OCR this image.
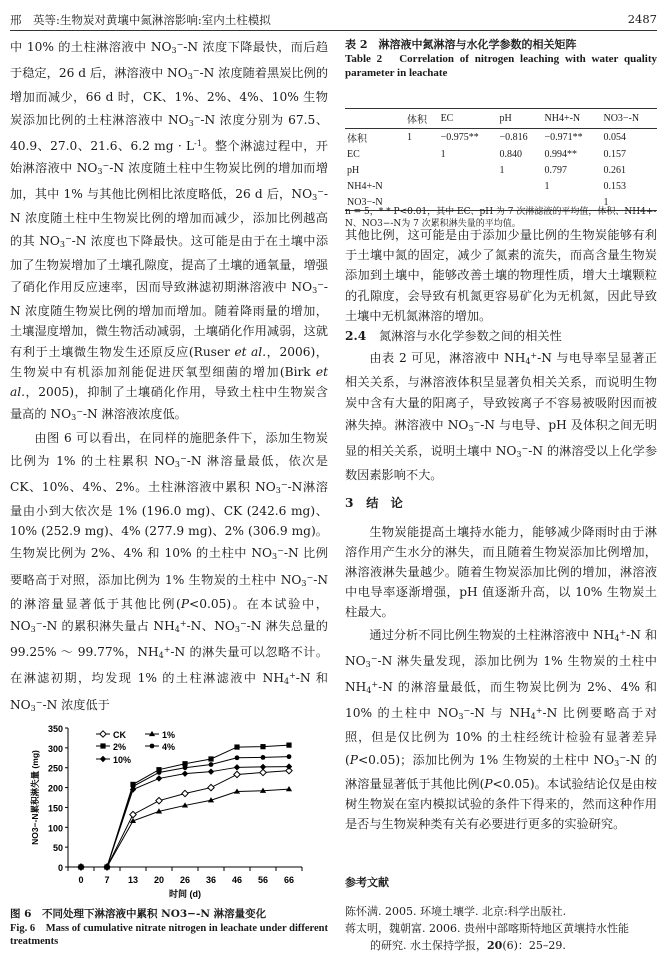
邢　英等:生物炭对黄壤中氮淋溶影响:室内土柱模拟	2487

中 10% 的土柱淋溶液中 $NO_3^--N$ 浓度下降最快，而后趋于稳定，26 d 后，淋溶液中 $NO_3^--N$ 浓度随着黑炭比例的增加而减少，66 d 时，CK、1%、2%、4%、10% 生物炭添加比例的土柱淋溶液中 $NO_3^--N$ 浓度分别为 67.5、40.9、27.0、21.6、6.2 mg · $L^{-1}$。整个淋滤过程中，开始淋溶液中 $NO_3^--N$ 浓度随土柱中生物炭比例的增加而增加，其中 1% 与其他比例相比浓度略低，26 d 后，$NO_3^--N$ 浓度随土柱中生物炭比例的增加而减少，添加比例越高的其 $NO_3^--N$ 浓度也下降最快。这可能是由于在土壤中添加了生物炭增加了土壤孔隙度，提高了土壤的通氧量，增强了硝化作用反应速率，因而导致淋滤初期淋溶液中 $NO_3^--N$ 浓度随生物炭比例的增加而增加。随着降雨量的增加，土壤湿度增加，微生物活动减弱，土壤硝化作用减弱，这就有利于土壤微生物发生还原反应(Ruser et al.，2006)，生物炭中有机添加剂能促进厌氧型细菌的增加(Birk et al.，2005)，抑制了土壤硝化作用，导致土柱中生物炭含量高的 $NO_3^--N$ 淋溶液浓度低。

由图 6 可以看出，在同样的施肥条件下，添加生物炭比例为 1% 的土柱累积 $NO_3^--N$ 淋溶量最低，依次是 CK、10%、4%、2%。土柱淋溶液中累积 $NO_3^--N$淋溶量由小到大依次是 1% (196.0 mg)、CK (242.6 mg)、10% (252.9 mg)、4% (277.9 mg)、2% (306.9 mg)。生物炭比例为 2%、4% 和 10% 的土柱中 $NO_3^--N$ 比例要略高于对照，添加比例为 1% 生物炭的土柱中 $NO_3^--N$ 的淋溶量显著低于其他比例(P<0.05)。在本试验中，$NO_3^--N$ 的累积淋失量占 $NH_4^+-N$、$NO_3^--N$ 淋失总量的 99.25% ～ 99.77%，$NH_4^+-N$ 的淋失量可以忽略不计。在淋滤初期，均发现 1% 的土柱淋滤液中 $NH_4^+-N$ 和 $NO_3^--N$ 浓度低于

0
50
100
150
200
250
300
350
0 7 13 20 26 36 46 56 66
时间 (d)
NO3−-N累积淋失量 (mg)
CK	1%
2%	4%
10%
图 6　不同处理下淋溶液中累积 NO3−-N 淋溶量变化
Fig. 6　Mass of cumulative nitrate nitrogen in leachate under different treatments
表 2　淋溶液中氮淋溶与水化学参数的相关矩阵
Table 2　Correlation of nitrogen leaching with water quality parameter in leachate
	体积	EC	pH	NH4+-N	NO3−-N
体积	1	−0.975**	−0.816	−0.971**	0.054
EC		1	0.840	0.994**	0.157
pH			1	0.797	0.261
NH4+-N				1	0.153
NO3−-N					1
n = 5，* * P<0.01，其中 EC、pH 为 7 次淋滤液的平均值，体积、NH4+-N、NO3−-N为 7 次累积淋失量的平均值。

其他比例，这可能是由于添加少量比例的生物炭能够有利于土壤中氮的固定，减少了氮素的流失，而高含量生物炭添加到土壤中，能够改善土壤的物理性质，增大土壤颗粒的孔隙度，会导致有机氮更容易矿化为无机氮，因此导致土壤中无机氮淋溶的增加。

2.4 氮淋溶与水化学参数之间的相关性

由表 2 可见，淋溶液中 $NH_4^+-N$ 与电导率呈显著正相关关系，与淋溶液体积呈显著负相关关系，而说明生物炭中含有大量的阳离子，导致铵离子不容易被吸附因而被淋失掉。淋溶液中 $NO_3^--N$ 与电导、pH 及体积之间无明显的相关关系，说明土壤中 $NO_3^--N$ 的淋溶受以上化学参数因素影响不大。

3 结　论

生物炭能提高土壤持水能力，能够减少降雨时由于淋溶作用产生水分的淋失，而且随着生物炭添加比例增加，淋溶液淋失量越少。随着生物炭添加比例的增加，淋溶液中电导率逐渐增强，pH 值逐渐升高，以 10% 生物炭土柱最大。

通过分析不同比例生物炭的土柱淋溶液中 $NH_4^+-N$ 和 $NO_3^--N$ 淋失量发现，添加比例为 1% 生物炭的土柱中 $NH_4^+-N$ 的淋溶量最低，而生物炭比例为 2%、4% 和 10% 的土柱中 $NO_3^--N$ 与 $NH_4^+-N$ 比例要略高于对照，但是仅比例为 10% 的土柱经统计检验有显著差异(P<0.05)；添加比例为 1% 生物炭的土柱中 $NO_3^--N$ 的淋溶量显著低于其他比例(P<0.05)。本试验结论仅是由桉树生物炭在室内模拟试验的条件下得来的，然而这种作用是否与生物炭种类有关有必要进行更多的实验研究。

参考文献
陈怀满. 2005. 环境土壤学. 北京:科学出版社.
蒋太明，魏朝富. 2006. 贵州中部喀斯特地区黄壤持水性能
的研究. 水土保持学报，20(6)：25–29.
